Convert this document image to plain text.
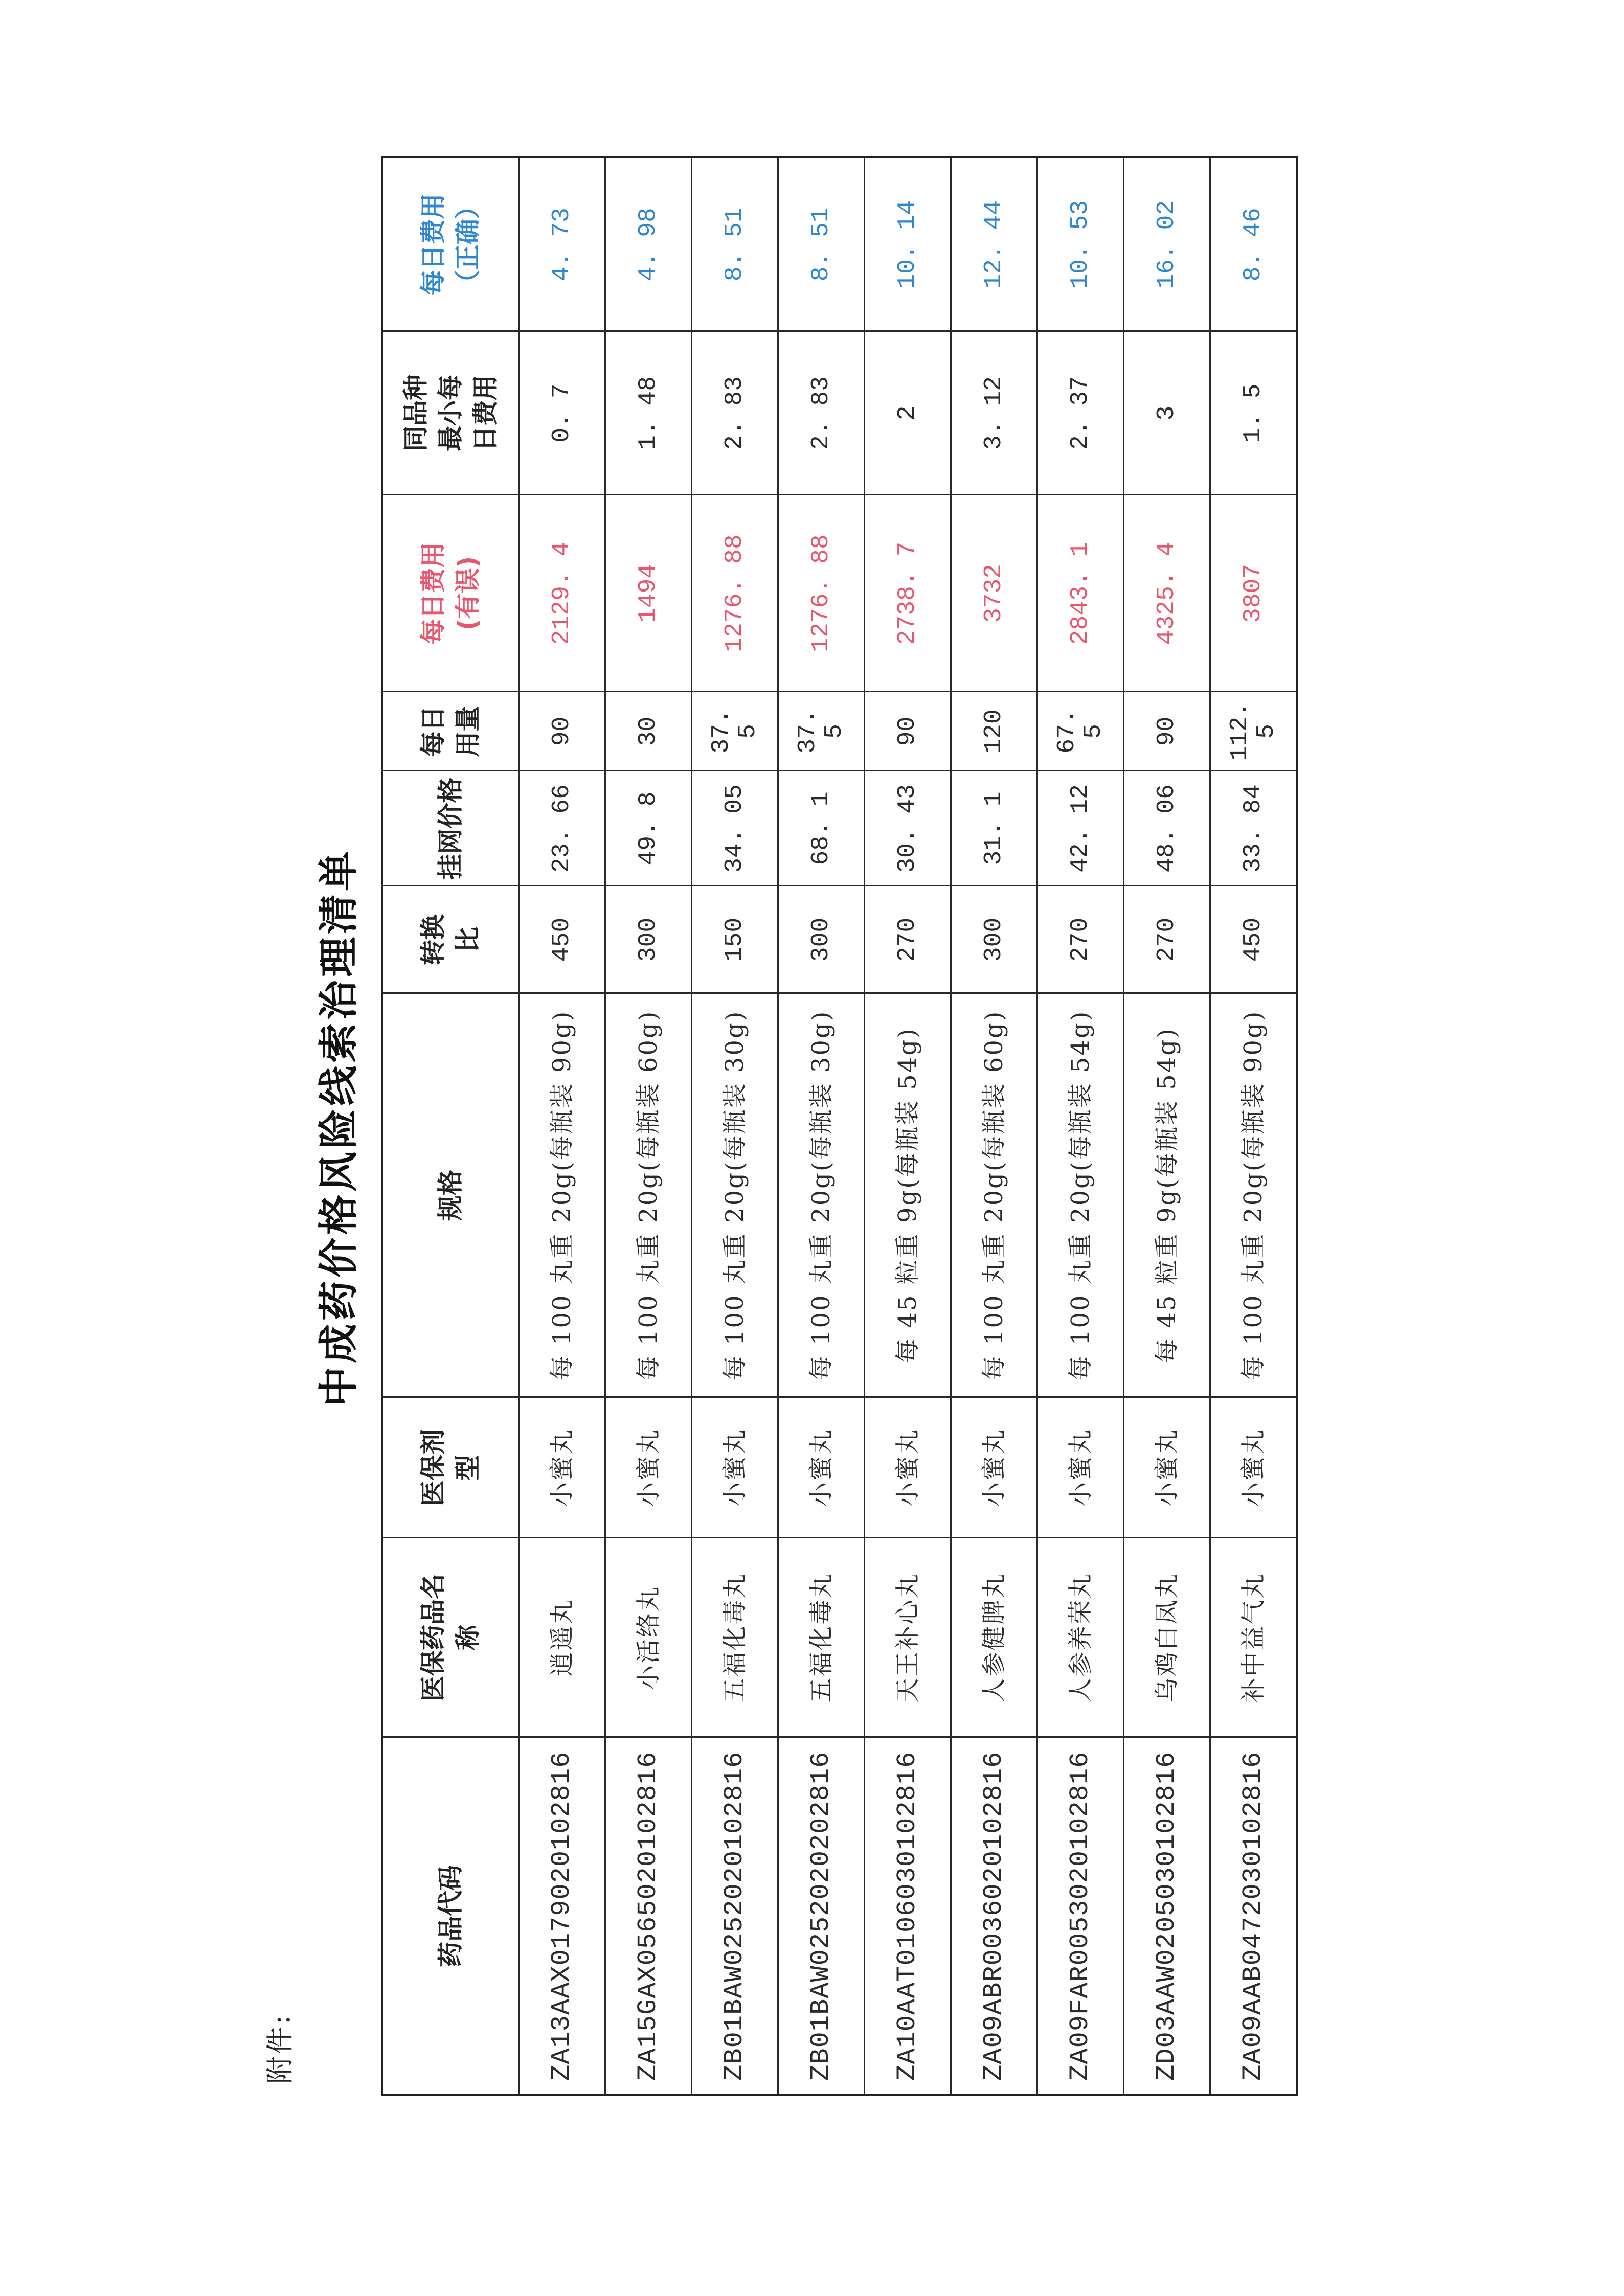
附件:
中成药价格风险线索治理清单
药品代码	医保药品名 称	医保剂 型	规格	转换 比	挂网价格	每日 用量	每日费用 (有误)	同品种 最小每 日费用	每日费用 （正确）

ZA13AAX0179020102816	逍遥丸	小蜜丸	每 100 丸重 20g(每瓶装 90g)	450	23. 66	90	2129. 4	0. 7	4. 73
ZA15GAX0565020102816	小活络丸	小蜜丸	每 100 丸重 20g(每瓶装 60g)	300	49. 8	30	1494	1. 48	4. 98
ZB01BAW0252020102816	五福化毒丸	小蜜丸	每 100 丸重 20g(每瓶装 30g)	150	34. 05	37. 5	1276. 88	2. 83	8. 51
ZB01BAW0252020202816	五福化毒丸	小蜜丸	每 100 丸重 20g(每瓶装 30g)	300	68. 1	37. 5	1276. 88	2. 83	8. 51
ZA10AAT0106030102816	天王补心丸	小蜜丸	每 45 粒重 9g(每瓶装 54g)	270	30. 43	90	2738. 7	2	10. 14
ZA09ABR0036020102816	人参健脾丸	小蜜丸	每 100 丸重 20g(每瓶装 60g)	300	31. 1	120	3732	3. 12	12. 44
ZA09FAR0053020102816	人参养荣丸	小蜜丸	每 100 丸重 20g(每瓶装 54g)	270	42. 12	67. 5	2843. 1	2. 37	10. 53
ZD03AAW0205030102816	乌鸡白凤丸	小蜜丸	每 45 粒重 9g(每瓶装 54g)	270	48. 06	90	4325. 4	3	16. 02
ZA09AAB0472030102816	补中益气丸	小蜜丸	每 100 丸重 20g(每瓶装 90g)	450	33. 84	112. 5	3807	1. 5	8. 46
